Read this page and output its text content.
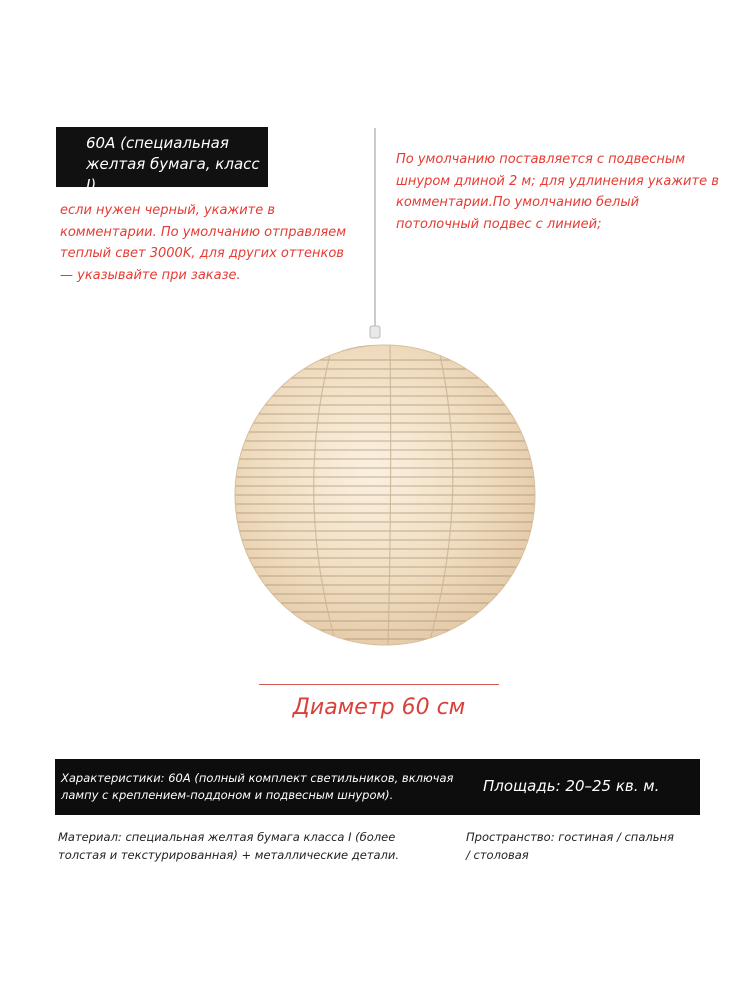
60A (специальная
желтая бумага, класс I)
если нужен черный, укажите в
комментарии. По умолчанию отправляем
теплый свет 3000K, для других оттенков
— указывайте при заказе.
По умолчанию поставляется с подвесным
шнуром длиной 2 м; для удлинения укажите в
комментарии.По умолчанию белый
потолочный подвес с линией;
Диаметр 60 см
Характеристики: 60A (полный комплект светильников, включая
лампу с креплением-поддоном и подвесным шнуром).	Площадь: 20–25 кв. м.
Материал: специальная желтая бумага класса I (более
толстая и текстурированная) + металлические детали.
Пространство: гостиная / спальня
/ столовая
